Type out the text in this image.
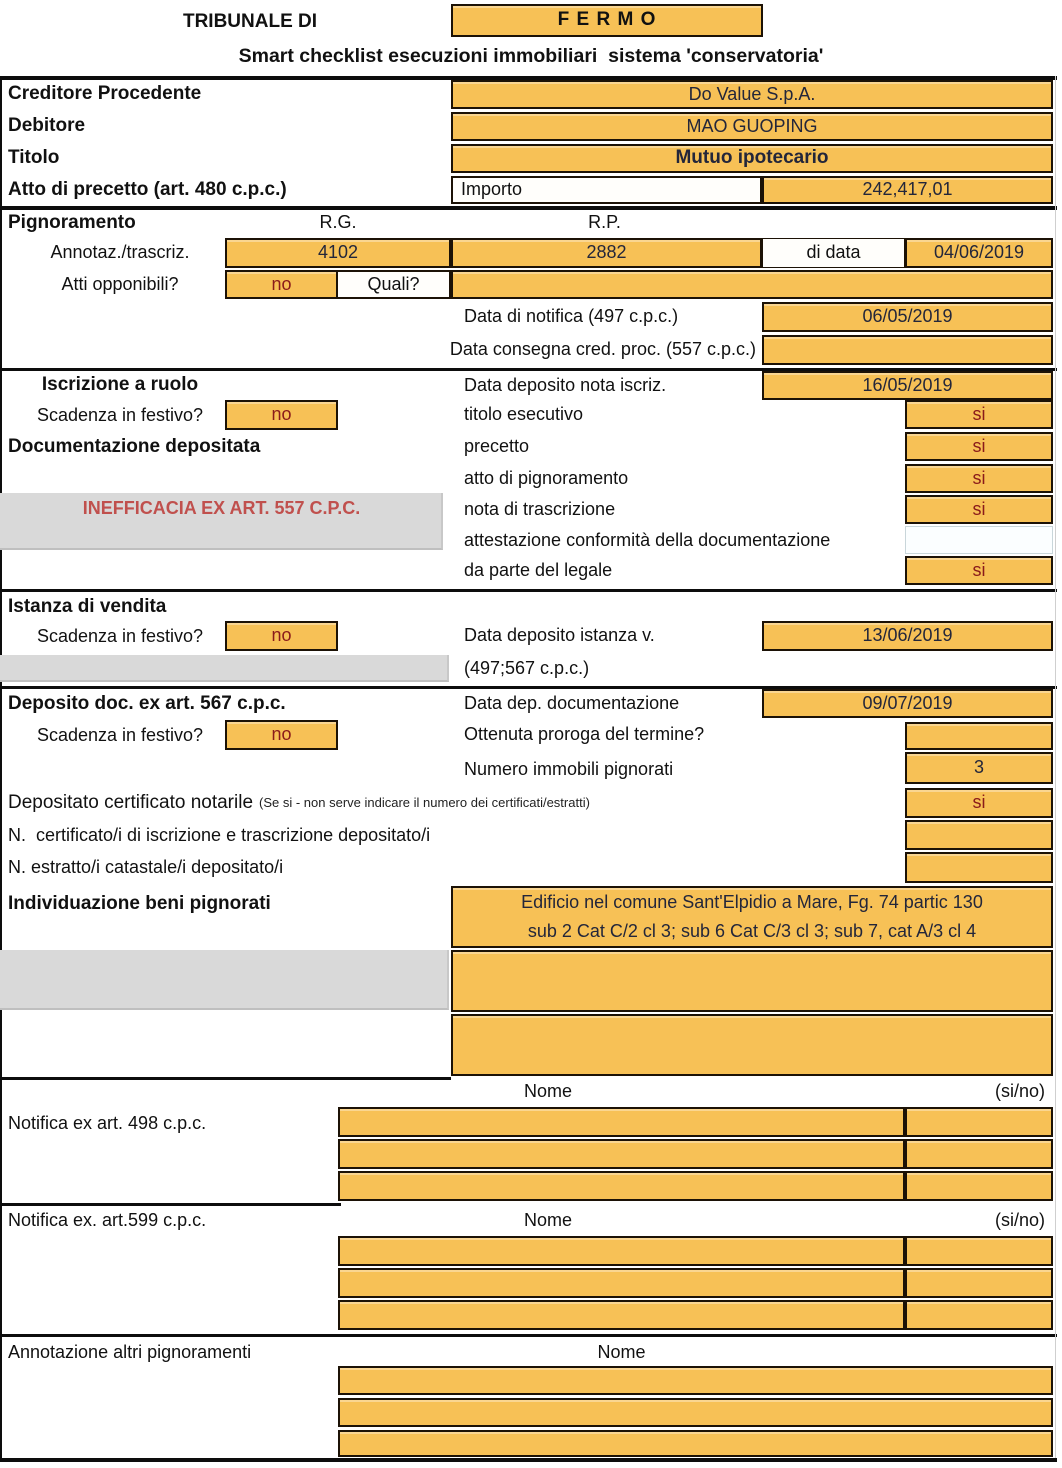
TRIBUNALE DI	F E R M O
Smart checklist esecuzioni immobiliari  sistema 'conservatoria'
Creditore Procedente	Do Value S.p.A.
Debitore	MAO GUOPING
Titolo	Mutuo ipotecario
Atto di precetto (art. 480 c.p.c.)	Importo	242,417,01
Pignoramento	R.G.	R.P.
Annotaz./trascriz.	4102	2882	di data	04/06/2019
Atti opponibili?	no	Quali?
Data di notifica (497 c.p.c.)	06/05/2019
Data consegna cred. proc. (557 c.p.c.)
Iscrizione a ruolo	Data deposito nota iscriz.	16/05/2019
Scadenza in festivo?	no	titolo esecutivo	si
Documentazione depositata	precetto	si
atto di pignoramento	si
INEFFICACIA EX ART. 557 C.P.C.	nota di trascrizione	si
attestazione conformità della documentazione
da parte del legale	si
Istanza di vendita
Scadenza in festivo?	no	Data deposito istanza v.	13/06/2019
(497;567 c.p.c.)
Deposito doc. ex art. 567 c.p.c.	Data dep. documentazione	09/07/2019
Scadenza in festivo?	no	Ottenuta proroga del termine?
Numero immobili pignorati	3
Depositato certificato notarile (Se si - non serve indicare il numero dei certificati/estratti)	si
N.  certificato/i di iscrizione e trascrizione depositato/i
N. estratto/i catastale/i depositato/i
Individuazione beni pignorati	Edificio nel comune Sant'Elpidio a Mare, Fg. 74 partic 130
sub 2 Cat C/2 cl 3; sub 6 Cat C/3 cl 3; sub 7, cat A/3 cl 4
Nome	(si/no)
Notifica ex art. 498 c.p.c.
Notifica ex. art.599 c.p.c.	Nome	(si/no)
Annotazione altri pignoramenti	Nome
